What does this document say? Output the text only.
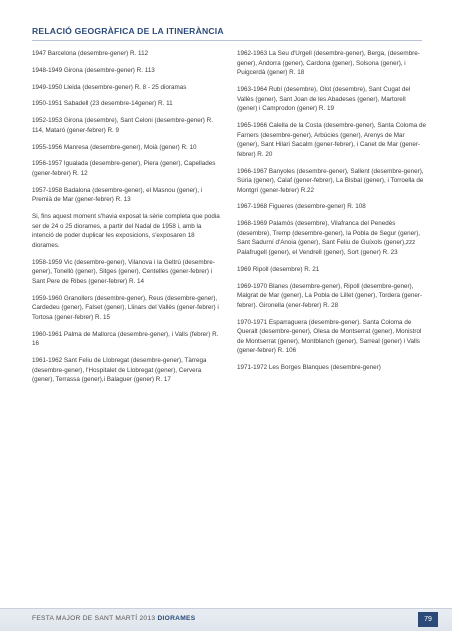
RELACIÓ GEOGRÀFICA DE LA ITINERÀNCIA

1947 Barcelona (desembre-gener) R. 112

1948-1949 Girona (desembre-gener) R. 113

1949-1950 Lleida (desembre-gener) R. 8 - 25 dioramas

1950-1951 Sabadell (23 desembre-14gener) R. 11

1952-1953 Girona (desembre), Sant Celoni (desembre-gener) R. 114, Mataró (gener-febrer) R. 9

1955-1956 Manresa (desembre-gener), Moià (gener) R. 10

1956-1957 Igualada (desembre-gener), Piera (gener), Capellades (gener-febrer) R. 12

1957-1958 Badalona (desembre-gener), el Masnou (gener), i Premià de Mar (gener-febrer) R. 13

Si, fins aquest moment s'havia exposat la sèrie completa que podia ser de 24 o 25 diorames, a partir del Nadal de 1958 i, amb la intenció de poder duplicar les exposicions, s'exposaren 18 diorames.

1958-1959 Vic (desembre-gener), Vilanova i la Geltrú (desembre-gener), Tonellò (gener), Sitges (gener), Centelles (gener-febrer) i Sant Pere de Ribes (gener-febrer) R. 14

1959-1960 Granollers (desembre-gener), Reus (desembre-gener), Cardedeu (gener), Falset (gener), Llinars del Vallès (gener-febrer) i Tortosa (gener-febrer) R. 15

1960-1961 Palma de Mallorca (desembre-gener), i Valls (febrer) R. 16

1961-1962 Sant Feliu de Llobregat (desembre-gener), Tàrrega (desembre-gener), l'Hospitalet de Llobregat (gener), Cervera (gener), Terrassa (gener),i Balaguer (gener) R. 17

1962-1963 La Seu d'Urgell (desembre-gener), Berga, (desembre-gener), Andorra (gener), Cardona (gener), Solsona (gener), i Puigcerdà (gener) R. 18

1963-1964 Rubí (desembre), Olot (desembre), Sant Cugat del Vallès (gener), Sant Joan de les Abadeses (gener), Martorell (gener) i Camprodon (gener) R. 19

1965-1966 Calella de la Costa (desembre-gener), Santa Coloma de Farners (desembre-gener), Arbúcies (gener), Arenys de Mar (gener), Sant Hilari Sacalm (gener-febrer), i Canet de Mar (gener-febrer) R. 20

1966-1967 Banyoles (desembre-gener), Sallent (desembre-gener), Súria (gener), Calaf (gener-febrer), La Bisbal (gener), i Torroella de Montgrí (gener-febrer) R.22

1967-1968 Figueres (desembre-gener) R. 108

1968-1969 Palamós (desembre), Vilafranca del Penedès (desembre), Tremp (desembre-gener), la Pobla de Segur (gener), Sant Sadurní d'Anoia (gener), Sant Feliu de Guíxols (gener),zzz Palafrugell (gener), el Vendrell (gener), Sort (gener) R. 23

1969 Ripoll (desembre) R. 21

1969-1970 Blanes (desembre-gener), Ripoll (desembre-gener), Malgrat de Mar (gener), La Pobla de Lillet (gener), Tordera (gener-febrer). Gironella (ener-febrer) R. 28

1970-1971 Esparraguera (desembre-gener). Santa Coloma de Queralt (desembre-gener), Olesa de Montserrat (gener), Monistrol de Montserrat (gener), Montblanch (gener), Sarreal (gener) i Valls (gener-febrer) R. 106

1971-1972 Les Borges Blanques (desembre-gener)

FESTA MAJOR DE SANT MARTÍ 2013 DIORAMES	79
